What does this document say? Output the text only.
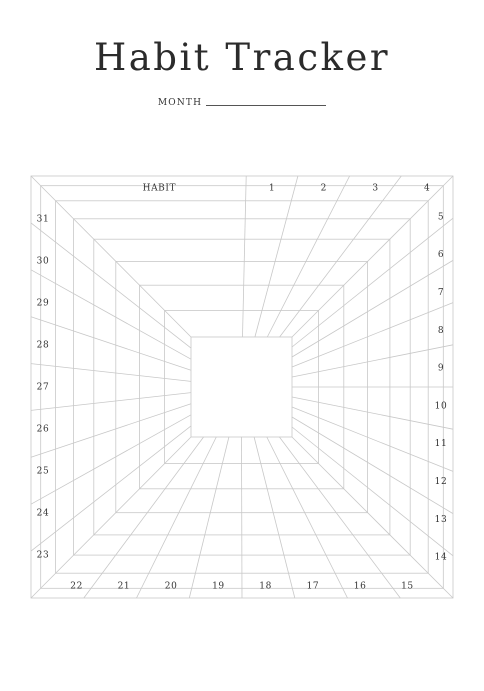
Habit Tracker
MONTH
HABIT	1	2	3	4
5
6
7
8
9
10
11
12
13
14
22	21	20	19	18	17	16	15
31
30
29
28
27
26
25
24
23
